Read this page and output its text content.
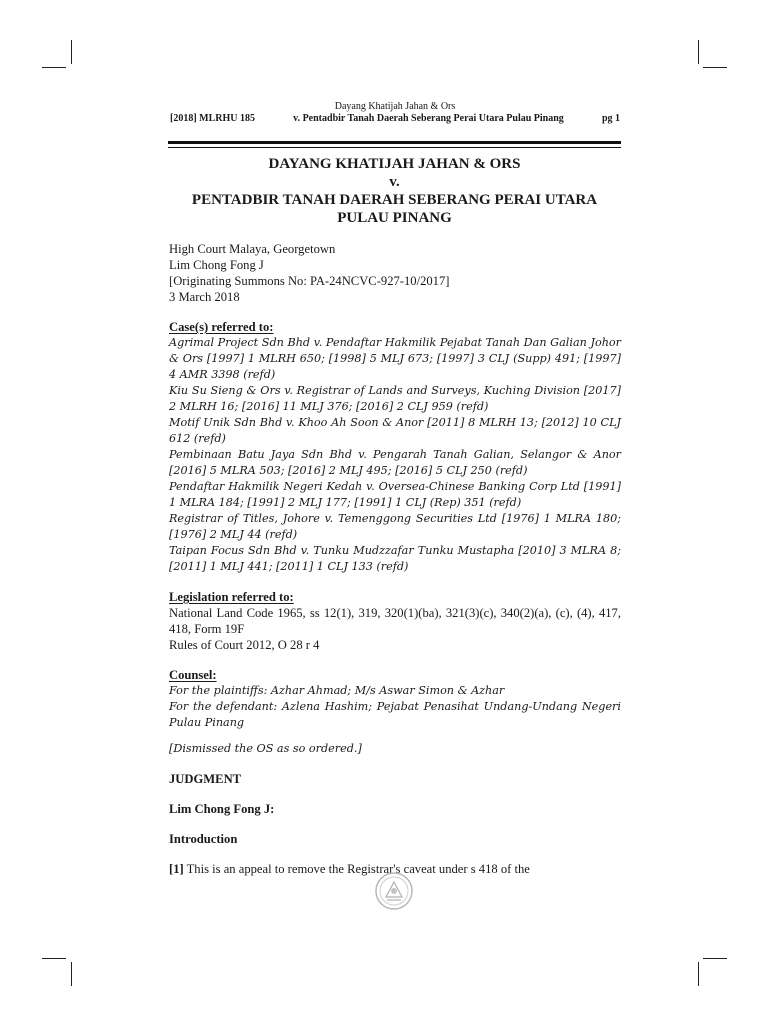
Dayang Khatijah Jahan & Ors
[2018] MLRHU 185	v. Pentadbir Tanah Daerah Seberang Perai Utara Pulau Pinang	pg 1
DAYANG KHATIJAH JAHAN & ORS
v.
PENTADBIR TANAH DAERAH SEBERANG PERAI UTARA
PULAU PINANG

High Court Malaya, Georgetown

Lim Chong Fong J

[Originating Summons No: PA-24NCVC-927-10/2017]

3 March 2018

Case(s) referred to:

Agrimal Project Sdn Bhd v. Pendaftar Hakmilik Pejabat Tanah Dan Galian Johor & Ors [1997] 1 MLRH 650; [1998] 5 MLJ 673; [1997] 3 CLJ (Supp) 491; [1997] 4 AMR 3398 (refd)

Kiu Su Sieng & Ors v. Registrar of Lands and Surveys, Kuching Division [2017] 2 MLRH 16; [2016] 11 MLJ 376; [2016] 2 CLJ 959 (refd)

Motif Unik Sdn Bhd v. Khoo Ah Soon & Anor [2011] 8 MLRH 13; [2012] 10 CLJ 612 (refd)

Pembinaan Batu Jaya Sdn Bhd v. Pengarah Tanah Galian, Selangor & Anor [2016] 5 MLRA 503; [2016] 2 MLJ 495; [2016] 5 CLJ 250 (refd)

Pendaftar Hakmilik Negeri Kedah v. Oversea-Chinese Banking Corp Ltd [1991] 1 MLRA 184; [1991] 2 MLJ 177; [1991] 1 CLJ (Rep) 351 (refd)

Registrar of Titles, Johore v. Temenggong Securities Ltd [1976] 1 MLRA 180; [1976] 2 MLJ 44 (refd)

Taipan Focus Sdn Bhd v. Tunku Mudzzafar Tunku Mustapha [2010] 3 MLRA 8; [2011] 1 MLJ 441; [2011] 1 CLJ 133 (refd)

Legislation referred to:

National Land Code 1965, ss 12(1), 319, 320(1)(ba), 321(3)(c), 340(2)(a), (c), (4), 417, 418, Form 19F

Rules of Court 2012, O 28 r 4

Counsel:

For the plaintiffs: Azhar Ahmad; M/s Aswar Simon & Azhar

For the defendant: Azlena Hashim; Pejabat Penasihat Undang-Undang Negeri Pulau Pinang

[Dismissed the OS as so ordered.]

JUDGMENT

Lim Chong Fong J:

Introduction

[1] This is an appeal to remove the Registrar's caveat under s 418 of the
